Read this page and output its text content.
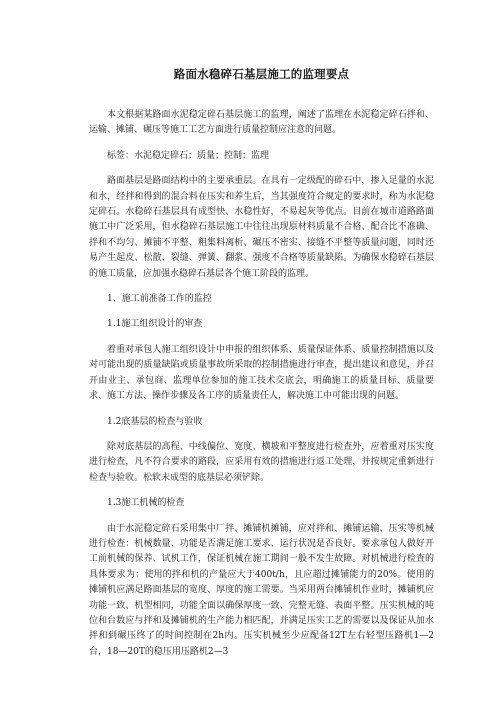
路面水稳碎石基层施工的监理要点

本文根据某路面水泥稳定碎石基层施工的监理，阐述了监理在水泥稳定碎石拌和、运输、摊铺、碾压等施工工艺方面进行质量控制应注意的问题。

标签：水泥稳定碎石；质量；控制；监理

路面基层是路面结构中的主要承重层。在具有一定级配的碎石中，掺入足量的水泥和水，经拌和得到的混合料在压实和养生后，当其强度符合规定的要求时，称为水泥稳定碎石。水稳碎石基层具有成型快、水稳性好，不易起灰等优点。目前在城市道路路面施工中广泛采用，但水稳碎石基层施工中往往出现原材料质量不合格、配合比不准确、拌和不均匀、摊铺不平整、粗集料离析、碾压不密实、接缝不平整等质量问题，同时还易产生起皮、松散、裂缝、弹簧、翻浆、强度不合格等质量缺陷。为确保水稳碎石基层的施工质量，应加强水稳碎石基层各个施工阶段的监理。

1、施工前准备工作的监控

1.1施工组织设计的审查

着重对承包人施工组织设计中申报的组织体系、质量保证体系、质量控制措施以及对可能出现的质量缺陷或质量事故所采取的控制措施进行审查，提出建议和意见，并召开由业主、承包商、监理单位参加的施工技术交底会，明确施工的质量目标、质量要求、施工方法、操作步骤及各工序的质量责任人，解决施工中可能出现的问题。

1.2底基层的检查与验收

除对底基层的高程、中线偏位、宽度、横坡和平整度进行检查外，应着重对压实度进行检查，凡不符合要求的路段，应采用有效的措施进行返工处理，并按规定重新进行检查与验收。松软未成型的底基层必须铲除。

1.3施工机械的检查

由于水泥稳定碎石采用集中厂拌、摊铺机摊铺，应对拌和、摊铺运输、压实等机械进行检查：机械数量、功能是否满足施工要求、运行状况是否良好。要求承包人做好开工前机械的保养、试机工作，保证机械在施工期间一般不发生故障。对机械进行检查的具体要求为：使用的拌和机的产量应大于400t/h，且应超过摊铺能力的20%。使用的摊铺机应满足路面基层的宽度、厚度的施工需要。当采用两台摊铺机作业时，摊铺机应功能一致、机型相同，功能全面以确保厚度一致、完整无缝、表面平整。压实机械的吨位和台数应与拌和及摊铺机的生产能力相匹配，并满足压实工艺的需要以及保证从加水拌和到碾压终了的时间控制在2h内。压实机械至少应配备12T左右轻型压路机1—2台，18—20T的稳压用压路机2—3
